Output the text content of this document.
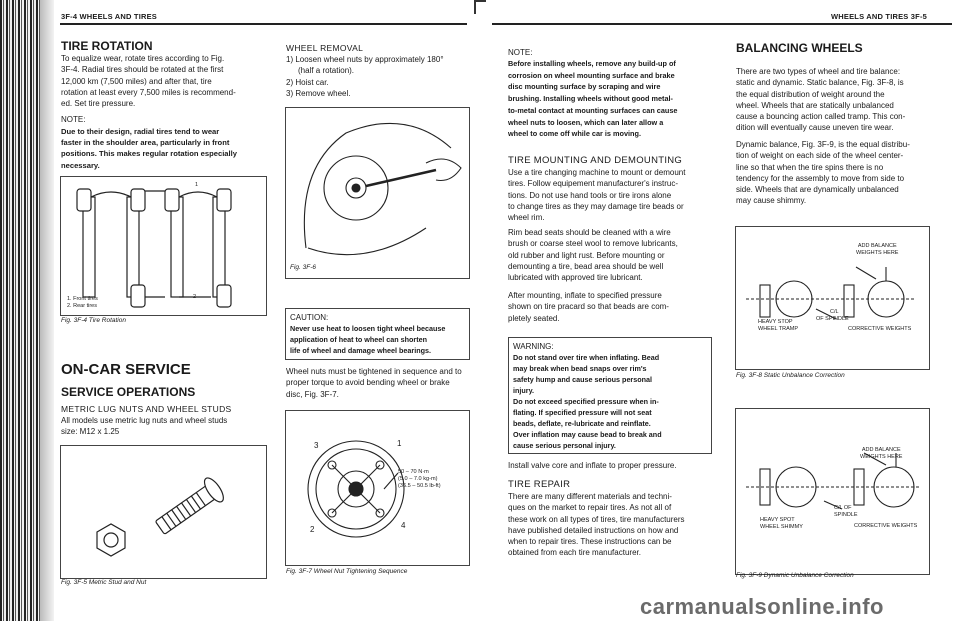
3F-4 WHEELS AND TIRES
TIRE ROTATION
To equalize wear, rotate tires according to Fig.
3F-4. Radial tires should be rotated at the first
12,000 km (7,500 miles) and after that, tire
rotation at least every 7,500 miles is recommend-
ed. Set tire pressure.
NOTE:
Due to their design, radial tires tend to wear
faster in the shoulder area, particularly in front
positions. This makes regular rotation especially
necessary.
1
2
1. Front tires
2. Rear tires
Fig. 3F-4 Tire Rotation
ON-CAR SERVICE
SERVICE OPERATIONS
METRIC LUG NUTS AND WHEEL STUDS
All models use metric lug nuts and wheel studs
size: M12 x 1.25
Fig. 3F-5 Metric Stud and Nut
WHEEL REMOVAL
1) Loosen wheel nuts by approximately 180°
(half a rotation).
2) Hoist car.
3) Remove wheel.
Fig. 3F-6
CAUTION:
Never use heat to loosen tight wheel because
application of heat to wheel can shorten
life of wheel and damage wheel bearings.
Wheel nuts must be tightened in sequence and to
proper torque to avoid bending wheel or brake
disc, Fig. 3F-7.
3	1
2	4
50 – 70 N·m
(5.0 – 7.0 kg-m)
(36.5 – 50.5 lb-ft)
Fig. 3F-7 Wheel Nut Tightening Sequence
WHEELS AND TIRES 3F-5
NOTE:
Before installing wheels, remove any build-up of
corrosion on wheel mounting surface and brake
disc mounting surface by scraping and wire
brushing. Installing wheels without good metal-
to-metal contact at mounting surfaces can cause
wheel nuts to loosen, which can later allow a
wheel to come off while car is moving.
TIRE MOUNTING AND DEMOUNTING
Use a tire changing machine to mount or demount
tires. Follow equipement manufacturer's instruc-
tions. Do not use hand tools or tire irons alone
to change tires as they may damage tire beads or
wheel rim.
Rim bead seats should be cleaned with a wire
brush or coarse steel wool to remove lubricants,
old rubber and light rust. Before mounting or
demounting a tire, bead area should be well
lubricated with approved tire lubricant.
After mounting, inflate to specified pressure
shown on tire pracard so that beads are com-
pletely seated.
WARNING:
Do not stand over tire when inflating. Bead
may break when bead snaps over rim's
safety hump and cause serious personal
injury.
Do not exceed specified pressure when in-
flating. If specified pressure will not seat
beads, deflate, re-lubricate and reinflate.
Over inflation may cause bead to break and
cause serious personal injury.
Install valve core and inflate to proper pressure.
TIRE REPAIR
There are many different materials and techni-
ques on the market to repair tires. As not all of
these work on all types of tires, tire manufacturers
have published detailed instructions on how and
when to repair tires. These instructions can be
obtained from each tire manufacturer.
BALANCING WHEELS
There are two types of wheel and tire balance:
static and dynamic. Static balance, Fig. 3F-8, is
the equal distribution of weight around the
wheel. Wheels that are statically unbalanced
cause a bouncing action called tramp. This con-
dition will eventually cause uneven tire wear.
Dynamic balance, Fig. 3F-9, is the equal distribu-
tion of weight on each side of the wheel center-
line so that when the tire spins there is no
tendency for the assembly to move from side to
side. Wheels that are dynamically unbalanced
may cause shimmy.
ADD BALANCE
WEIGHTS HERE
C/L
OF SPINDLE
HEAVY STOP
WHEEL TRAMP	CORRECTIVE WEIGHTS
Fig. 3F-8 Static Unbalance Correction
ADD BALANCE
WEIGHTS HERE
C/L OF
SPINDLE
HEAVY SPOT
WHEEL SHIMMY	CORRECTIVE WEIGHTS
Fig. 3F-9 Dynamic Unbalance Correction
carmanualsonline.info
